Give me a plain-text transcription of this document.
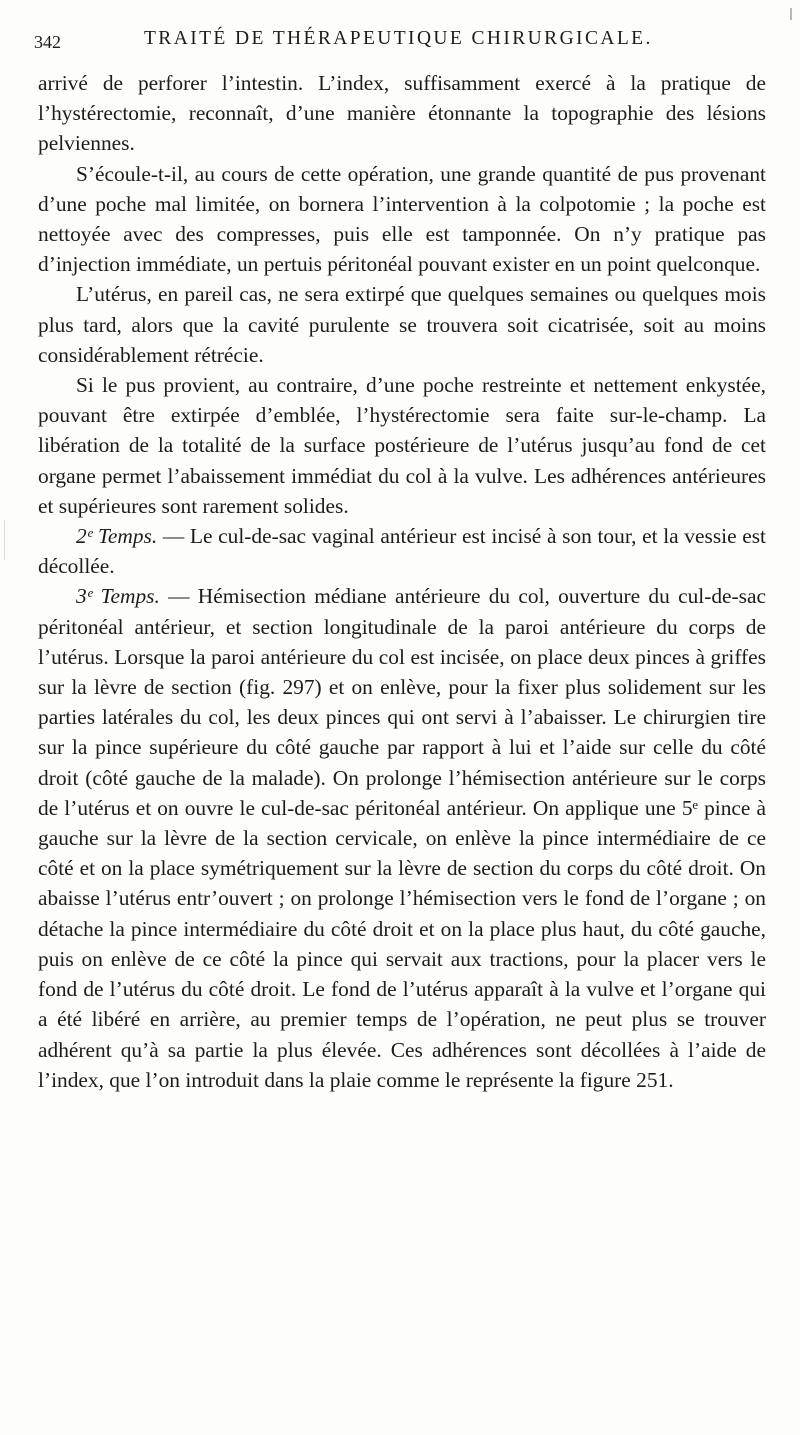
342	TRAITÉ DE THÉRAPEUTIQUE CHIRURGICALE.

arrivé de perforer l’intestin. L’index, suffisamment exercé à la pratique de l’hystérectomie, reconnaît, d’une manière étonnante la topographie des lésions pelviennes.

S’écoule-t-il, au cours de cette opération, une grande quantité de pus provenant d’une poche mal limitée, on bornera l’intervention à la colpotomie ; la poche est nettoyée avec des compresses, puis elle est tamponnée. On n’y pratique pas d’injection immédiate, un pertuis péritonéal pouvant exister en un point quelconque.

L’utérus, en pareil cas, ne sera extirpé que quelques semaines ou quelques mois plus tard, alors que la cavité purulente se trouvera soit cicatrisée, soit au moins considérablement rétrécie.

Si le pus provient, au contraire, d’une poche restreinte et nettement enkystée, pouvant être extirpée d’emblée, l’hystérectomie sera faite sur-le-champ. La libération de la totalité de la surface postérieure de l’utérus jusqu’au fond de cet organe permet l’abaissement immédiat du col à la vulve. Les adhérences antérieures et supérieures sont rarement solides.

2ᵉ Temps. — Le cul-de-sac vaginal antérieur est incisé à son tour, et la vessie est décollée.

3ᵉ Temps. — Hémisection médiane antérieure du col, ouverture du cul-de-sac péritonéal antérieur, et section longitudinale de la paroi antérieure du corps de l’utérus. Lorsque la paroi antérieure du col est incisée, on place deux pinces à griffes sur la lèvre de section (fig. 297) et on enlève, pour la fixer plus solidement sur les parties latérales du col, les deux pinces qui ont servi à l’abaisser. Le chirurgien tire sur la pince supérieure du côté gauche par rapport à lui et l’aide sur celle du côté droit (côté gauche de la malade). On prolonge l’hémisection antérieure sur le corps de l’utérus et on ouvre le cul-de-sac péritonéal antérieur. On applique une 5ᵉ pince à gauche sur la lèvre de la section cervicale, on enlève la pince intermédiaire de ce côté et on la place symétriquement sur la lèvre de section du corps du côté droit. On abaisse l’utérus entr’ouvert ; on prolonge l’hémisection vers le fond de l’organe ; on détache la pince intermédiaire du côté droit et on la place plus haut, du côté gauche, puis on enlève de ce côté la pince qui servait aux tractions, pour la placer vers le fond de l’utérus du côté droit. Le fond de l’utérus apparaît à la vulve et l’organe qui a été libéré en arrière, au premier temps de l’opération, ne peut plus se trouver adhérent qu’à sa partie la plus élevée. Ces adhérences sont décollées à l’aide de l’index, que l’on introduit dans la plaie comme le représente la figure 251.
